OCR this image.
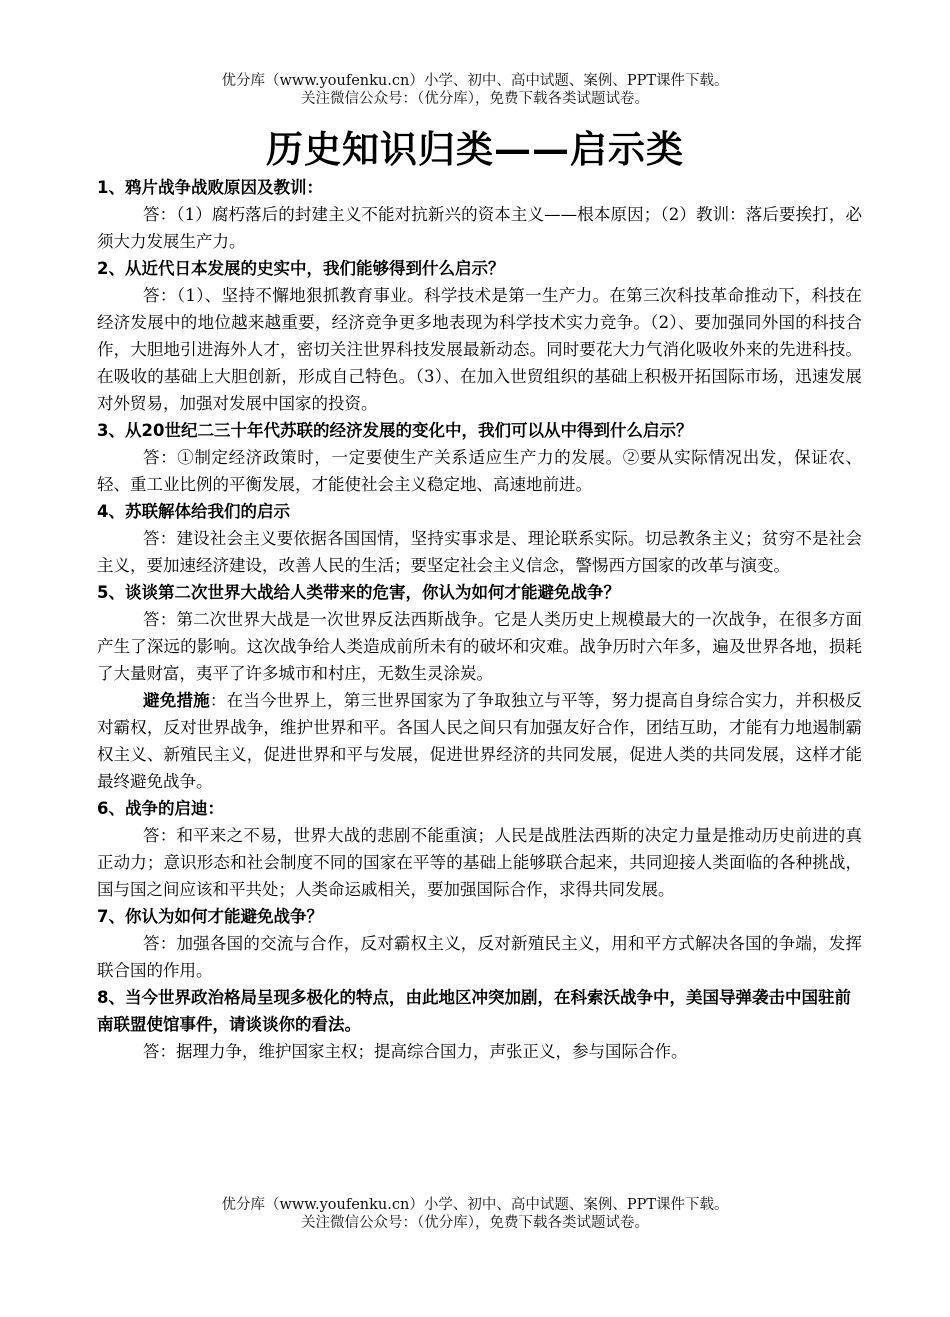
优分库（www.youfenku.cn）小学、初中、高中试题、案例、PPT课件下载。
关注微信公众号：（优分库），免费下载各类试题试卷。
历史知识归类——启示类

1、鸦片战争战败原因及教训：

答：（1）腐朽落后的封建主义不能对抗新兴的资本主义——根本原因；（2）教训：落后要挨打，必须大力发展生产力。

2、从近代日本发展的史实中，我们能够得到什么启示？

答：（1）、坚持不懈地狠抓教育事业。科学技术是第一生产力。在第三次科技革命推动下，科技在经济发展中的地位越来越重要，经济竞争更多地表现为科学技术实力竞争。（2）、要加强同外国的科技合作，大胆地引进海外人才，密切关注世界科技发展最新动态。同时要花大力气消化吸收外来的先进科技。在吸收的基础上大胆创新，形成自己特色。（3）、在加入世贸组织的基础上积极开拓国际市场，迅速发展对外贸易，加强对发展中国家的投资。

3、从20世纪二三十年代苏联的经济发展的变化中，我们可以从中得到什么启示？

答：①制定经济政策时，一定要使生产关系适应生产力的发展。②要从实际情况出发，保证农、轻、重工业比例的平衡发展，才能使社会主义稳定地、高速地前进。

4、苏联解体给我们的启示

答：建设社会主义要依据各国国情，坚持实事求是、理论联系实际。切忌教条主义；贫穷不是社会主义，要加速经济建设，改善人民的生活；要坚定社会主义信念，警惕西方国家的改革与演变。

5、谈谈第二次世界大战给人类带来的危害，你认为如何才能避免战争？

答：第二次世界大战是一次世界反法西斯战争。它是人类历史上规模最大的一次战争，在很多方面产生了深远的影响。这次战争给人类造成前所未有的破坏和灾难。战争历时六年多，遍及世界各地，损耗了大量财富，夷平了许多城市和村庄，无数生灵涂炭。

避免措施：在当今世界上，第三世界国家为了争取独立与平等，努力提高自身综合实力，并积极反对霸权，反对世界战争，维护世界和平。各国人民之间只有加强友好合作，团结互助，才能有力地遏制霸权主义、新殖民主义，促进世界和平与发展，促进世界经济的共同发展，促进人类的共同发展，这样才能最终避免战争。

6、战争的启迪：

答：和平来之不易，世界大战的悲剧不能重演；人民是战胜法西斯的决定力量是推动历史前进的真正动力；意识形态和社会制度不同的国家在平等的基础上能够联合起来，共同迎接人类面临的各种挑战，国与国之间应该和平共处；人类命运戚相关，要加强国际合作，求得共同发展。

7、你认为如何才能避免战争？

答：加强各国的交流与合作，反对霸权主义，反对新殖民主义，用和平方式解决各国的争端，发挥联合国的作用。

8、当今世界政治格局呈现多极化的特点，由此地区冲突加剧，在科索沃战争中，美国导弹袭击中国驻前南联盟使馆事件，请谈谈你的看法。

答：据理力争，维护国家主权；提高综合国力，声张正义，参与国际合作。

优分库（www.youfenku.cn）小学、初中、高中试题、案例、PPT课件下载。
关注微信公众号：（优分库），免费下载各类试题试卷。
